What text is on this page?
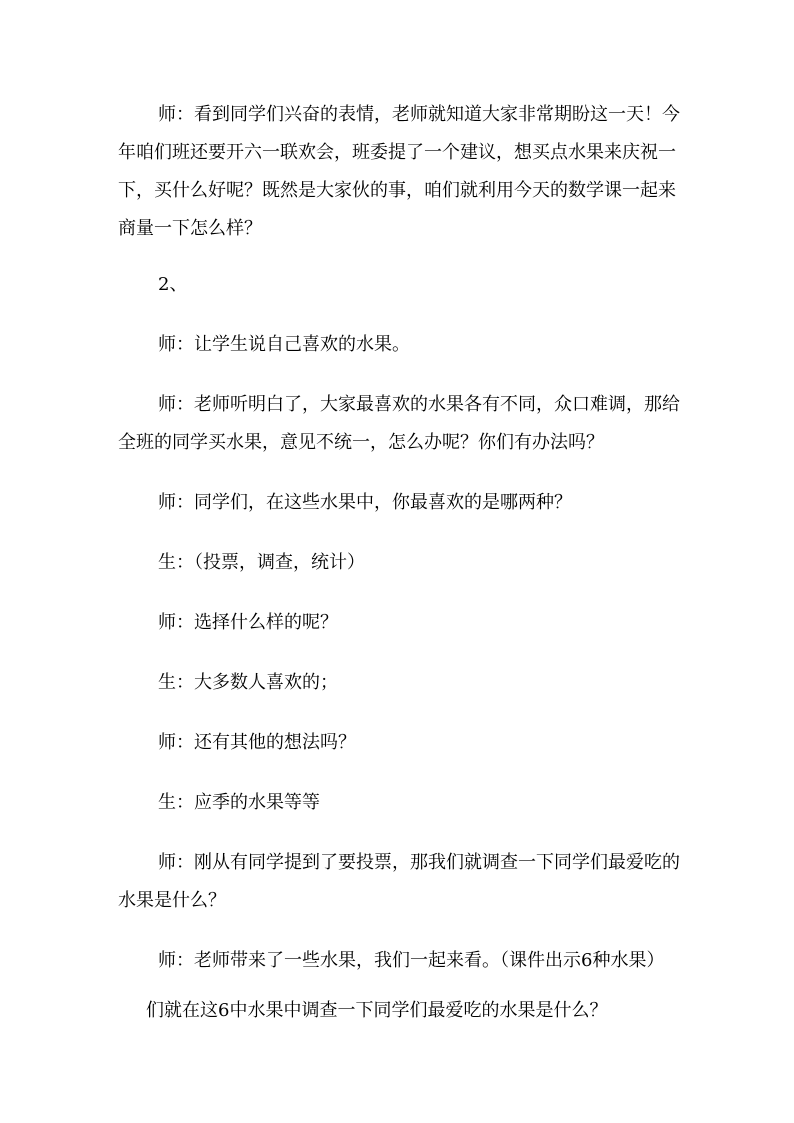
师：看到同学们兴奋的表情，老师就知道大家非常期盼这一天！今年咱们班还要开六一联欢会，班委提了一个建议，想买点水果来庆祝一下，买什么好呢？既然是大家伙的事，咱们就利用今天的数学课一起来商量一下怎么样？

2、

师：让学生说自己喜欢的水果。

师：老师听明白了，大家最喜欢的水果各有不同，众口难调，那给全班的同学买水果，意见不统一，怎么办呢？你们有办法吗？

师：同学们，在这些水果中，你最喜欢的是哪两种？

生：（投票，调查，统计）

师：选择什么样的呢？

生：大多数人喜欢的；

师：还有其他的想法吗？

生：应季的水果等等

师：刚从有同学提到了要投票，那我们就调查一下同学们最爱吃的水果是什么？

师：老师带来了一些水果，我们一起来看。（课件出示6种水果）

们就在这6中水果中调查一下同学们最爱吃的水果是什么？
